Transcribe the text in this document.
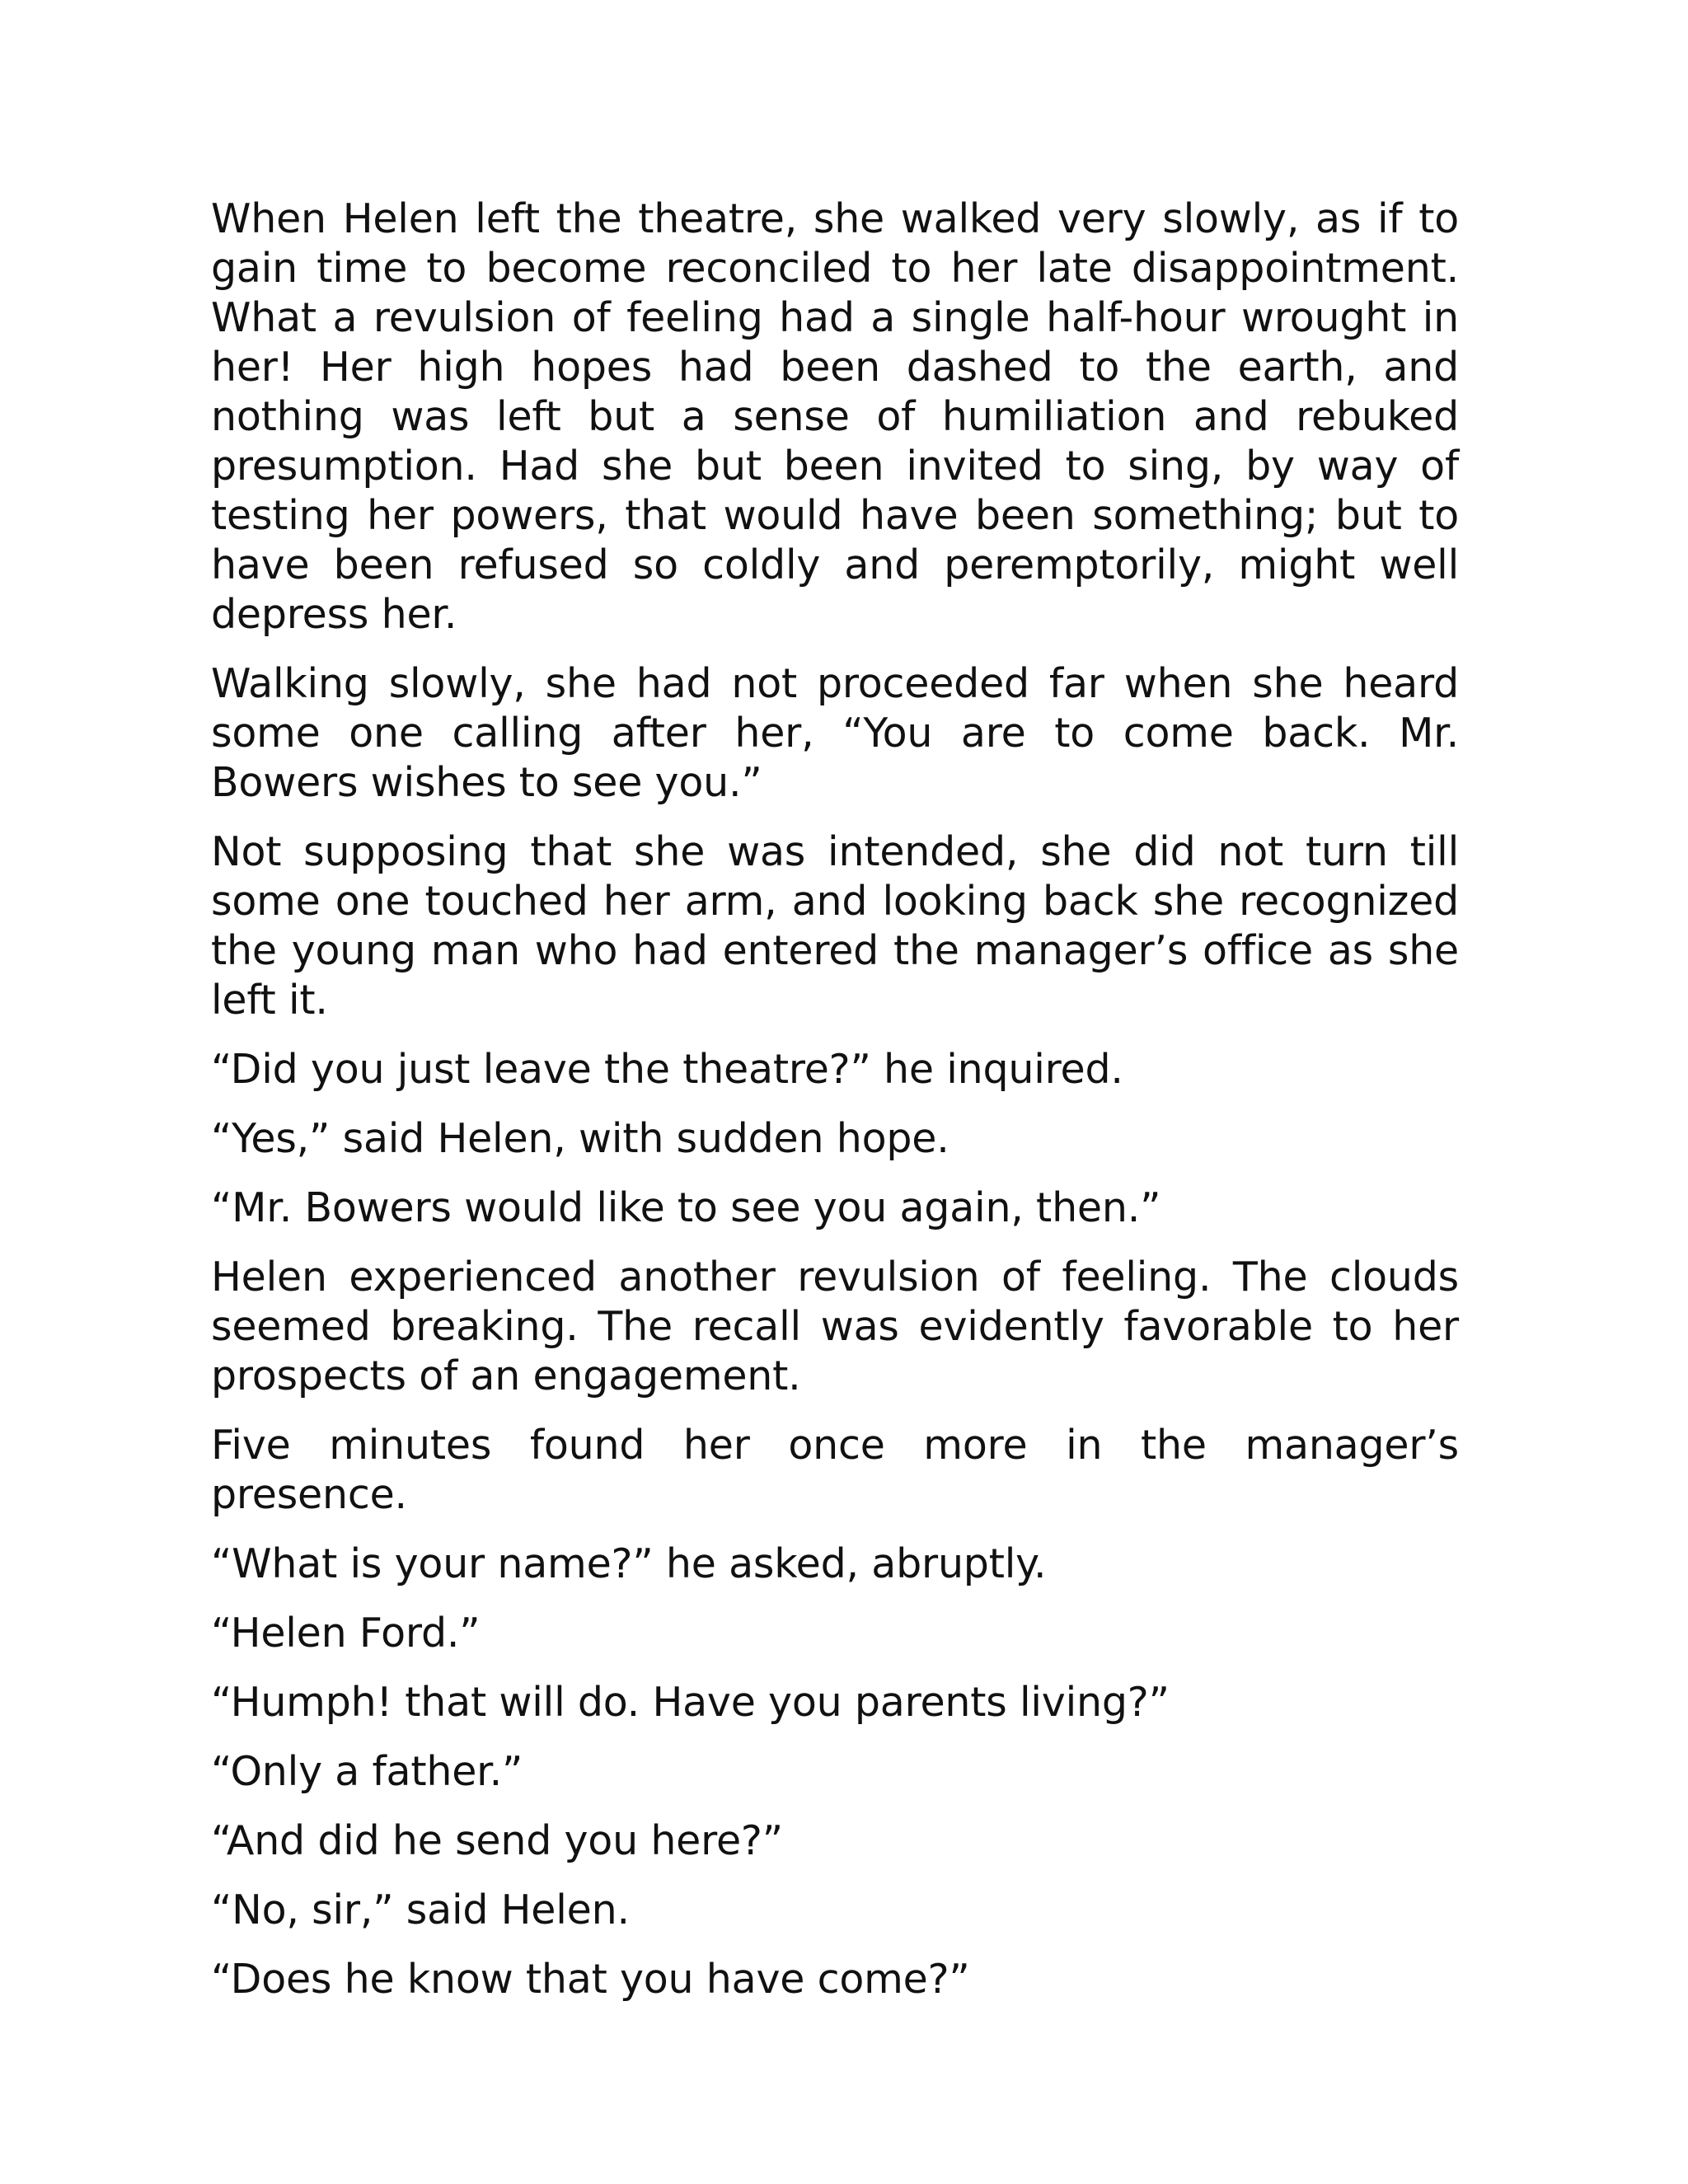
When Helen left the theatre, she walked very slowly, as if to gain time to become reconciled to her late disappointment. What a revulsion of feeling had a single half-hour wrought in her! Her high hopes had been dashed to the earth, and nothing was left but a sense of humiliation and rebuked presumption. Had she but been invited to sing, by way of testing her powers, that would have been something; but to have been refused so coldly and peremptorily, might well depress her.

Walking slowly, she had not proceeded far when she heard some one calling after her, “You are to come back. Mr. Bowers wishes to see you.”

Not supposing that she was intended, she did not turn till some one touched her arm, and looking back she recognized the young man who had entered the manager’s office as she left it.

“Did you just leave the theatre?” he inquired.

“Yes,” said Helen, with sudden hope.

“Mr. Bowers would like to see you again, then.”

Helen experienced another revulsion of feeling. The clouds seemed breaking. The recall was evidently favorable to her prospects of an engagement.

Five minutes found her once more in the manager’s presence.

“What is your name?” he asked, abruptly.

“Helen Ford.”

“Humph! that will do. Have you parents living?”

“Only a father.”

“And did he send you here?”

“No, sir,” said Helen.

“Does he know that you have come?”
